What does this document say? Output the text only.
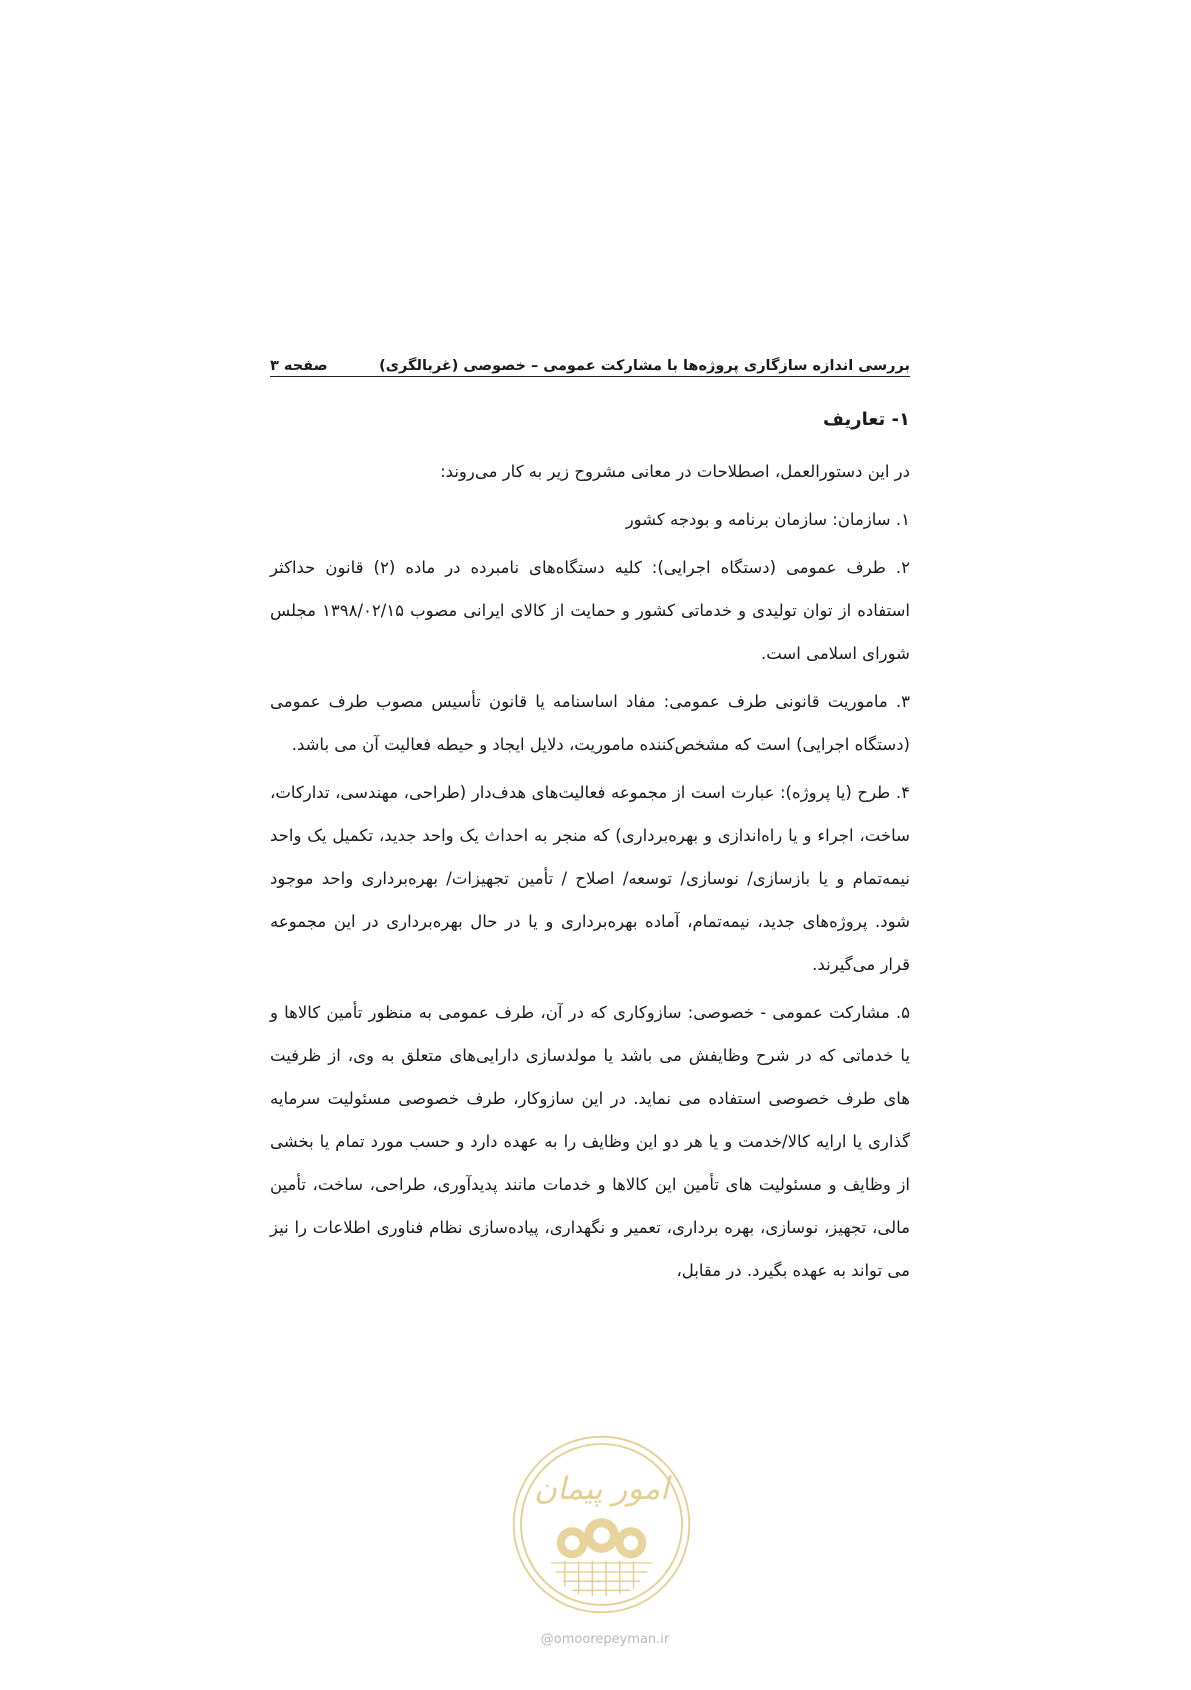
بررسی اندازه سازگاری پروژه‌ها با مشارکت عمومی – خصوصی (غربالگری)
صفحه ۳
۱- تعاریف

در این دستورالعمل، اصطلاحات در معانی مشروح زیر به کار می‌روند:

۱. سازمان: سازمان برنامه و بودجه کشور

۲. طرف عمومی (دستگاه اجرایی): کلیه دستگاه‌های نامبرده در ماده (۲) قانون حداکثر استفاده از توان تولیدی و خدماتی کشور و حمایت از کالای ایرانی مصوب ۱۳۹۸/۰۲/۱۵ مجلس شورای اسلامی است.

۳. ماموریت قانونی طرف عمومی: مفاد اساسنامه یا قانون تأسیس مصوب طرف عمومی (دستگاه اجرایی) است که مشخص‌کننده ماموریت، دلایل ایجاد و حیطه فعالیت آن می باشد.

۴. طرح (یا پروژه): عبارت است از مجموعه فعالیت‌های هدف‌دار (طراحی، مهندسی، تدارکات، ساخت، اجراء و یا راه‌اندازی و بهره‌برداری) که منجر به احداث یک واحد جدید، تکمیل یک واحد نیمه‌تمام و یا بازسازی/ نوسازی/ توسعه/ اصلاح / تأمین تجهیزات/ بهره‌برداری واحد موجود شود. پروژه‌های جدید، نیمه‌تمام، آماده بهره‌برداری و یا در حال بهره‌برداری در این مجموعه قرار می‌گیرند.

۵. مشارکت عمومی - خصوصی: سازوکاری که در آن، طرف عمومی به منظور تأمین کالاها و یا خدماتی که در شرح وظایفش می باشد یا مولدسازی دارایی‌های متعلق به وی، از ظرفیت های طرف خصوصی استفاده می نماید. در این سازوکار، طرف خصوصی مسئولیت سرمایه گذاری یا ارایه کالا/خدمت و یا هر دو این وظایف را به عهده دارد و حسب مورد تمام یا بخشی از وظایف و مسئولیت های تأمین این کالاها و خدمات مانند پدیدآوری، طراحی، ساخت، تأمین مالی، تجهیز، نوسازی، بهره برداری، تعمیر و نگهداری، پیاده‌سازی نظام فناوری اطلاعات را نیز می تواند به عهده بگیرد. در مقابل،

امور پیمان
@omoorepeyman.ir
